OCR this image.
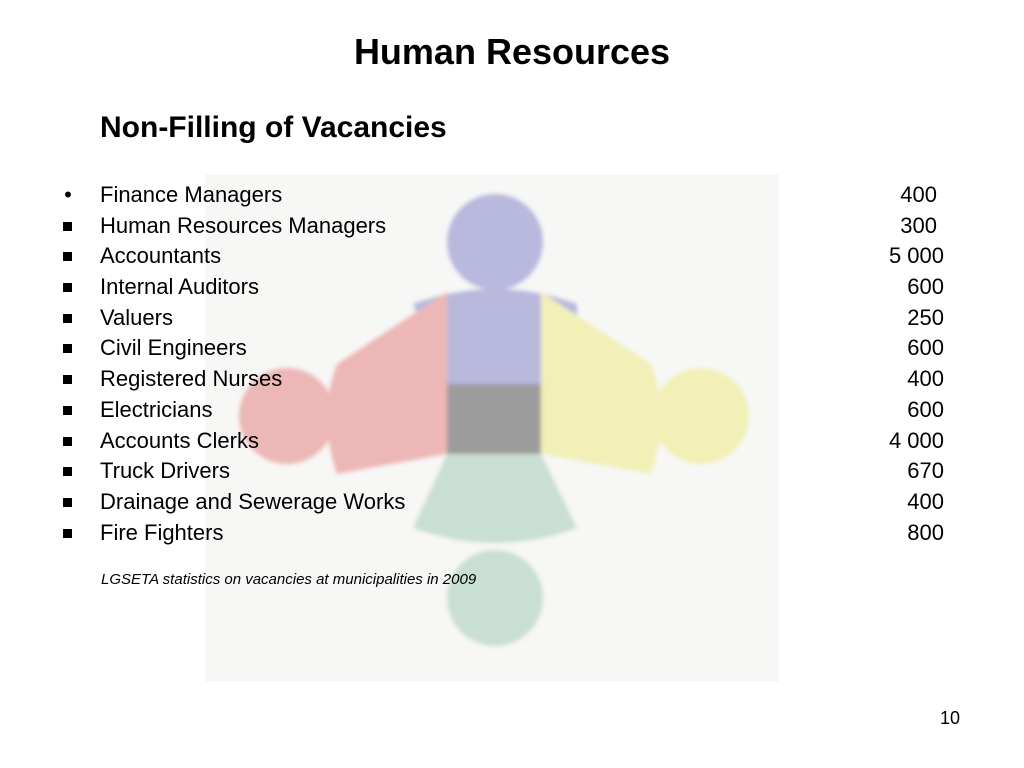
Human Resources
Non-Filling of Vacancies
• Finance Managers	400
Human Resources Managers	300
Accountants	5 000
Internal Auditors	600
Valuers	250
Civil Engineers	600
Registered Nurses	400
Electricians	600
Accounts Clerks	4 000
Truck Drivers	670
Drainage and Sewerage Works	400
Fire Fighters	800
LGSETA statistics on vacancies at municipalities in 2009
10
